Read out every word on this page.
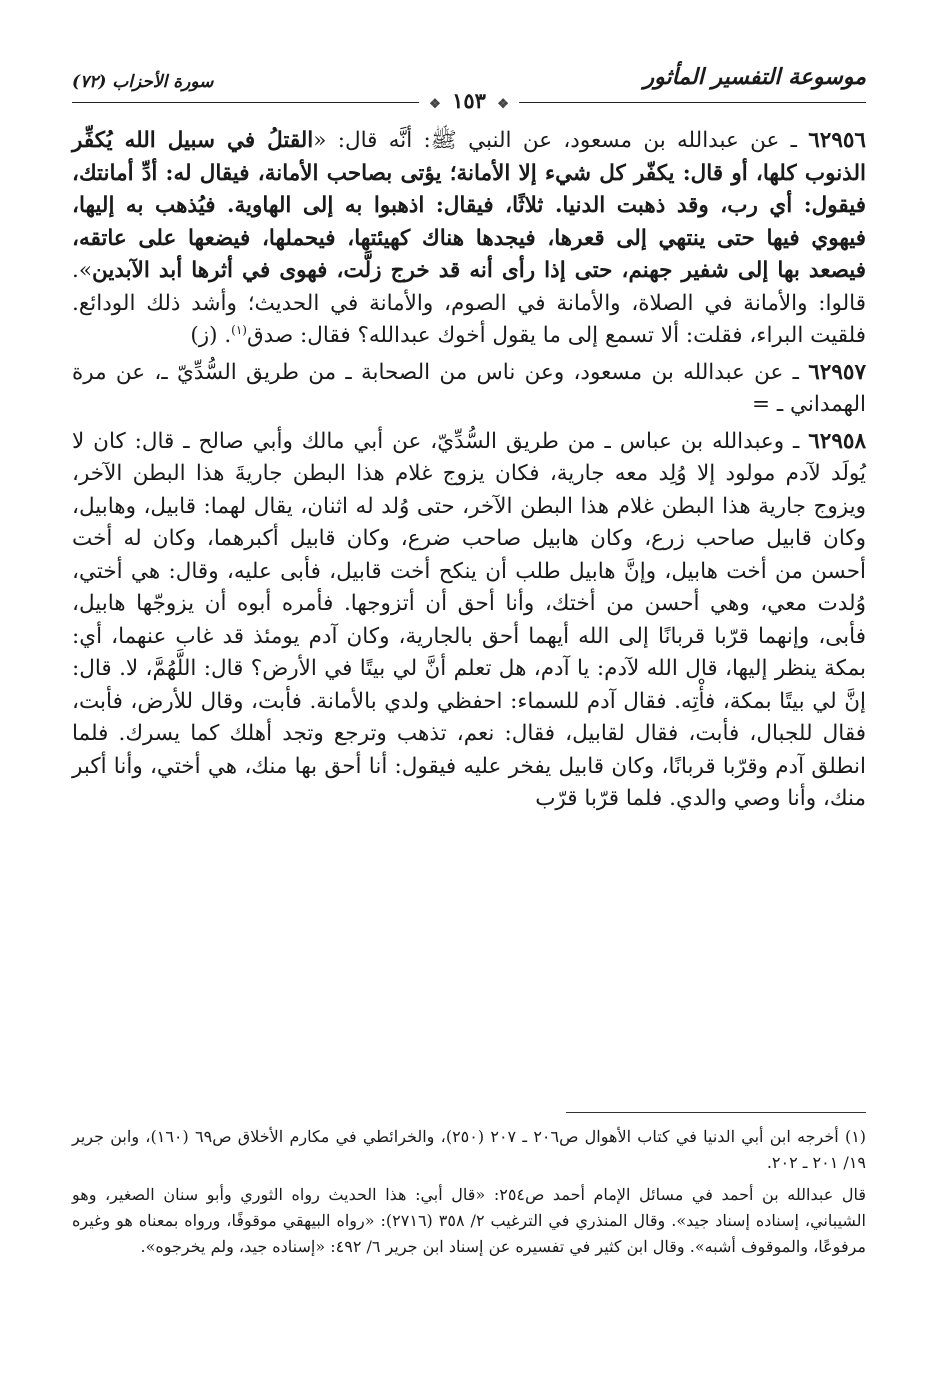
موسوعة التفسير المأثور
سورة الأحزاب (٧٢)
❖ ١٥٣ ❖

٦٢٩٥٦ ـ عن عبدالله بن مسعود، عن النبي ﷺ: أنَّه قال: «القتلُ في سبيل الله يُكفِّر الذنوب كلها، أو قال: يكفّر كل شيء إلا الأمانة؛ يؤتى بصاحب الأمانة، فيقال له: أدِّ أمانتك، فيقول: أي رب، وقد ذهبت الدنيا. ثلاثًا، فيقال: اذهبوا به إلى الهاوية. فيُذهب به إليها، فيهوي فيها حتى ينتهي إلى قعرها، فيجدها هناك كهيئتها، فيحملها، فيضعها على عاتقه، فيصعد بها إلى شفير جهنم، حتى إذا رأى أنه قد خرج زلَّت، فهوى في أثرها أبد الآبدين». قالوا: والأمانة في الصلاة، والأمانة في الصوم، والأمانة في الحديث؛ وأشد ذلك الودائع. فلقيت البراء، فقلت: ألا تسمع إلى ما يقول أخوك عبدالله؟ فقال: صدق$^{(١)}$. (ز)

٦٢٩٥٧ ـ عن عبدالله بن مسعود، وعن ناس من الصحابة ـ من طريق السُّدِّيّ ـ، عن مرة الهمداني ـ =

٦٢٩٥٨ ـ وعبدالله بن عباس ـ من طريق السُّدِّيّ، عن أبي مالك وأبي صالح ـ قال: كان لا يُولَد لآدم مولود إلا وُلِد معه جارية، فكان يزوج غلام هذا البطن جاريةَ هذا البطن الآخر، ويزوج جارية هذا البطن غلام هذا البطن الآخر، حتى وُلد له اثنان، يقال لهما: قابيل، وهابيل، وكان قابيل صاحب زرع، وكان هابيل صاحب ضرع، وكان قابيل أكبرهما، وكان له أخت أحسن من أخت هابيل، وإنَّ هابيل طلب أن ينكح أخت قابيل، فأبى عليه، وقال: هي أختي، وُلدت معي، وهي أحسن من أختك، وأنا أحق أن أتزوجها. فأمره أبوه أن يزوجّها هابيل، فأبى، وإنهما قرّبا قربانًا إلى الله أيهما أحق بالجارية، وكان آدم يومئذ قد غاب عنهما، أي: بمكة ينظر إليها، قال الله لآدم: يا آدم، هل تعلم أنَّ لي بيتًا في الأرض؟ قال: اللَّهُمَّ، لا. قال: إنَّ لي بيتًا بمكة، فأْتِه. فقال آدم للسماء: احفظي ولدي بالأمانة. فأبت، وقال للأرض، فأبت، فقال للجبال، فأبت، فقال لقابيل، فقال: نعم، تذهب وترجع وتجد أهلك كما يسرك. فلما انطلق آدم وقرّبا قربانًا، وكان قابيل يفخر عليه فيقول: أنا أحق بها منك، هي أختي، وأنا أكبر منك، وأنا وصي والدي. فلما قرّبا قرّب

(١) أخرجه ابن أبي الدنيا في كتاب الأهوال ص٢٠٦ ـ ٢٠٧ (٢٥٠)، والخرائطي في مكارم الأخلاق ص٦٩ (١٦٠)، وابن جرير ١٩/ ٢٠١ ـ ٢٠٢.

قال عبدالله بن أحمد في مسائل الإمام أحمد ص٢٥٤: «قال أبي: هذا الحديث رواه الثوري وأبو سنان الصغير، وهو الشيباني، إسناده إسناد جيد». وقال المنذري في الترغيب ٢/ ٣٥٨ (٢٧١٦): «رواه البيهقي موقوفًا، ورواه بمعناه هو وغيره مرفوعًا، والموقوف أشبه». وقال ابن كثير في تفسيره عن إسناد ابن جرير ٦/ ٤٩٢: «إسناده جيد، ولم يخرجوه».
